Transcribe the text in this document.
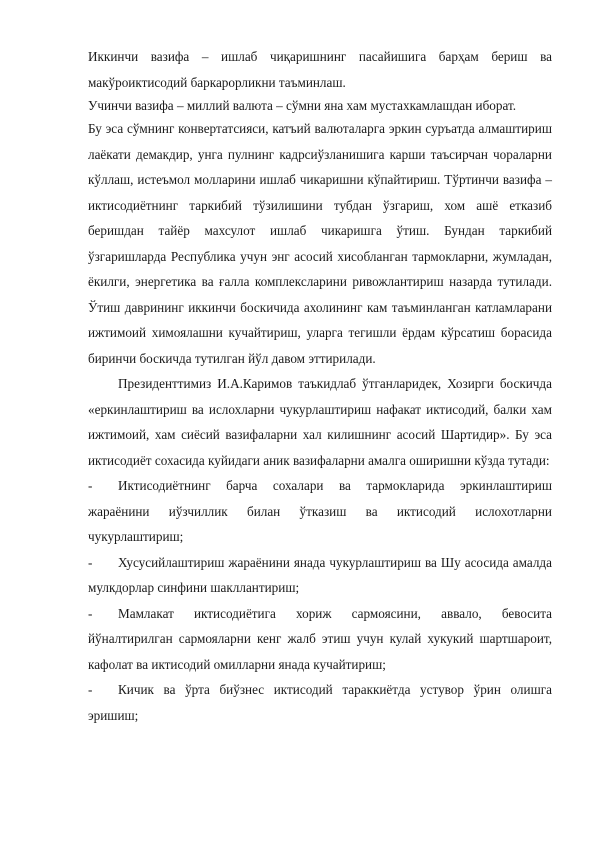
Иккинчи вазифа – ишлаб чиқаришнинг пасайишига барҳам бериш ва макўроиктисодий баркарорликни таъминлаш.

Учинчи вазифа – миллий валюта – сўмни яна хам мустахкамлашдан иборат.

Бу эса сўмнинг конвертатсияси, катъий валюталарга эркин суръатда алмаштириш лаёкати демакдир, унга пулнинг кадрсиўзланишига карши таъсирчан чораларни кўллаш, истеъмол молларини ишлаб чикаришни кўпайтириш. Тўртинчи вазифа – иктисодиётнинг таркибий тўзилишини тубдан ўзгариш, хом ашё етказиб беришдан тайёр махсулот ишлаб чикаришга ўтиш. Бундан таркибий ўзгаришларда Республика учун энг асосий хисобланган тармокларни, жумладан, ёкилги, энергетика ва ғалла комплексларини ривожлантириш назарда тутилади. Ўтиш даврининг иккинчи боскичида ахолининг кам таъминланган катламларани ижтимоий химоялашни кучайтириш, уларга тегишли ёрдам кўрсатиш борасида биринчи боскичда тутилган йўл давом эттирилади.

Президенттимиз И.А.Каримов таъкидлаб ўтганларидек, Хозирги боскичда «еркинлаштириш ва ислохларни чукурлаштириш нафакат иктисодий, балки хам ижтимоий, хам сиёсий вазифаларни хал килишнинг асосий Шартидир». Бу эса иктисодиёт сохасида куйидаги аник вазифаларни амалга оширишни кўзда тутади:

-	Иктисодиётнинг барча сохалари ва тармокларида эркинлаштириш жараёнини иўзчиллик билан ўтказиш ва иктисодий ислохотларни чукурлаштириш;
-	Хусусийлаштириш жараёнини янада чукурлаштириш ва Шу асосида амалда мулкдорлар синфини шакллантириш;
-	Мамлакат иктисодиётига хориж сармоясини, аввало, бевосита йўналтирилган сармояларни кенг жалб этиш учун кулай хукукий шартшароит, кафолат ва иктисодий омилларни янада кучайтириш;
-	Кичик ва ўрта биўзнес иктисодий тараккиётда устувор ўрин олишга эришиш;
